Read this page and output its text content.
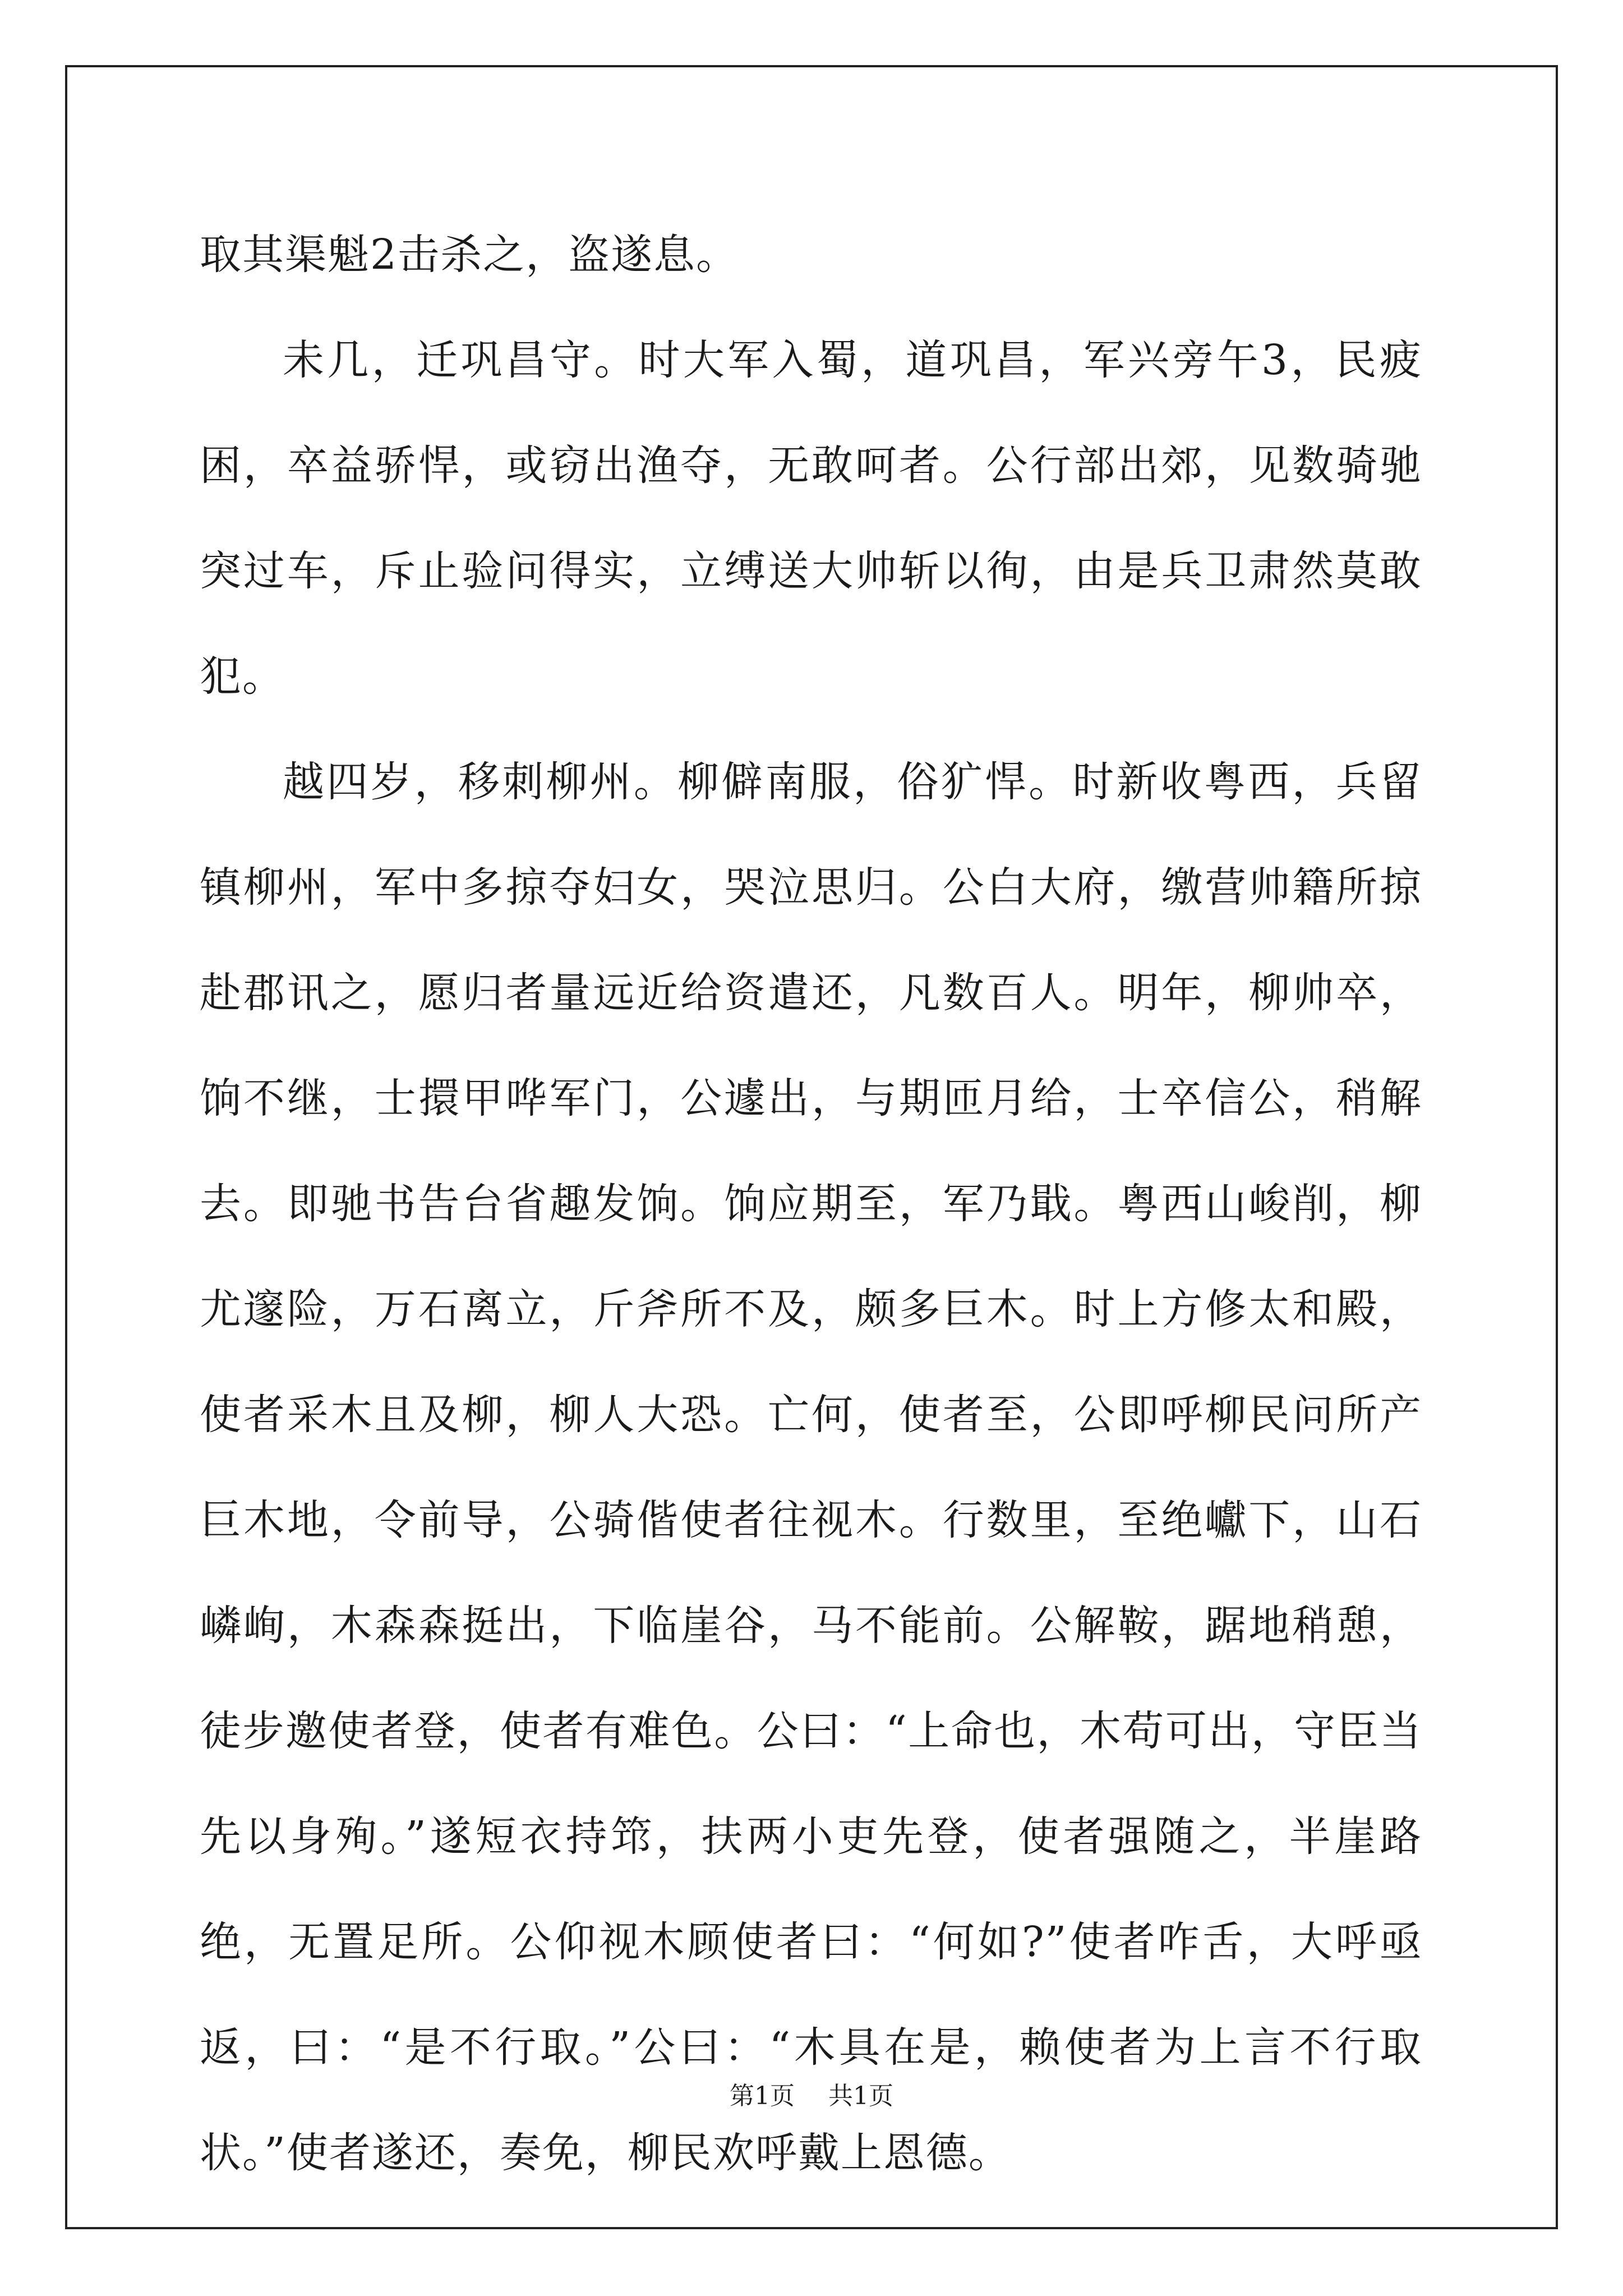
取其渠魁2击杀之，盗遂息。

未几，迁巩昌守。时大军入蜀，道巩昌，军兴旁午3，民疲困，卒益骄悍，或窃出渔夺，无敢呵者。公行部出郊，见数骑驰突过车，斥止验问得实，立缚送大帅斩以徇，由是兵卫肃然莫敢犯。

越四岁，移刺柳州。柳僻南服，俗犷悍。时新收粤西，兵留镇柳州，军中多掠夺妇女，哭泣思归。公白大府，缴营帅籍所掠赴郡讯之，愿归者量远近给资遣还，凡数百人。明年，柳帅卒，饷不继，士擐甲哗军门，公遽出，与期匝月给，士卒信公，稍解去。即驰书告台省趣发饷。饷应期至，军乃戢。粤西山峻削，柳尤邃险，万石离立，斤斧所不及，颇多巨木。时上方修太和殿，使者采木且及柳，柳人大恐。亡何，使者至，公即呼柳民问所产巨木地，令前导，公骑偕使者往视木。行数里，至绝巘下，山石嶙峋，木森森挺出，下临崖谷，马不能前。公解鞍，踞地稍憩，徒步邀使者登，使者有难色。公曰：“上命也，木苟可出，守臣当先以身殉。”遂短衣持筇，扶两小吏先登，使者强随之，半崖路绝，无置足所。公仰视木顾使者曰：“何如?”使者咋舌，大呼亟返，曰：“是不行取。”公曰：“木具在是，赖使者为上言不行取状。”使者遂还，奏免，柳民欢呼戴上恩德。

第1页 共1页
